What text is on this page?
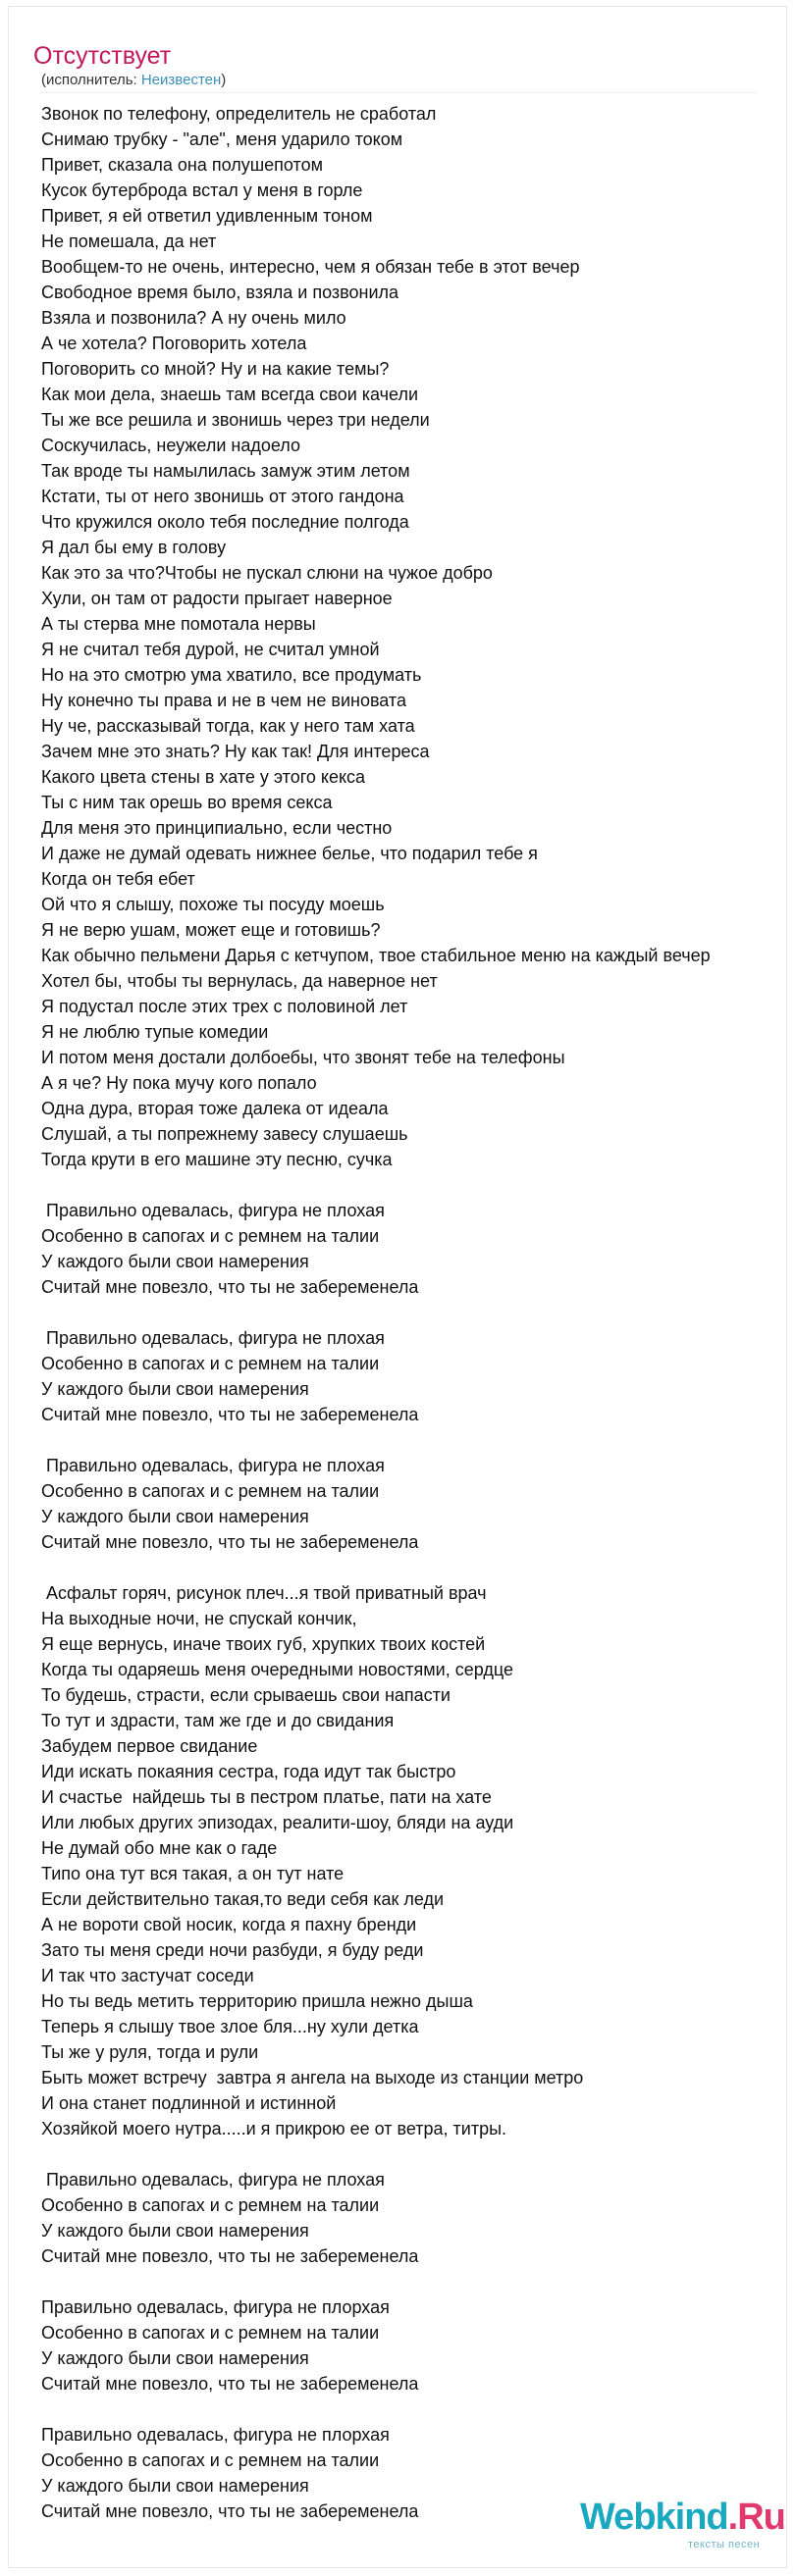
Отсутствует
(исполнитель: Неизвестен)
Звонок по телефону, определитель не сработал
Снимаю трубку - "але", меня ударило током
Привет, сказала она полушепотом
Кусок бутерброда встал у меня в горле
Привет, я ей ответил удивленным тоном
Не помешала, да нет
Вообщем-то не очень, интересно, чем я обязан тебе в этот вечер
Свободное время было, взяла и позвонила
Взяла и позвонила? А ну очень мило
А че хотела? Поговорить хотела
Поговорить со мной? Ну и на какие темы?
Как мои дела, знаешь там всегда свои качели
Ты же все решила и звонишь через три недели
Соскучилась, неужели надоело
Так вроде ты намылилась замуж этим летом
Кстати, ты от него звонишь от этого гандона
Что кружился около тебя последние полгода
Я дал бы ему в голову
Как это за что?Чтобы не пускал слюни на чужое добро
Хули, он там от радости прыгает наверное
А ты стерва мне помотала нервы
Я не считал тебя дурой, не считал умной
Но на это смотрю ума хватило, все продумать
Ну конечно ты права и не в чем не виновата
Ну че, рассказывай тогда, как у него там хата
Зачем мне это знать? Ну как так! Для интереса
Какого цвета стены в хате у этого кекса
Ты с ним так орешь во время секса
Для меня это принципиально, если честно
И даже не думай одевать нижнее белье, что подарил тебе я
Когда он тебя ебет
Ой что я слышу, похоже ты посуду моешь
Я не верю ушам, может еще и готовишь?
Как обычно пельмени Дарья с кетчупом, твое стабильное меню на каждый вечер
Хотел бы, чтобы ты вернулась, да наверное нет
Я подустал после этих трех с половиной лет
Я не люблю тупые комедии
И потом меня достали долбоебы, что звонят тебе на телефоны
А я че? Ну пока мучу кого попало
Одна дура, вторая тоже далека от идеала
Слушай, а ты попрежнему завесу слушаешь
Тогда крути в его машине эту песню, сучка
Правильно одевалась, фигура не плохая
Особенно в сапогах и с ремнем на талии
У каждого были свои намерения
Считай мне повезло, что ты не забеременела
Правильно одевалась, фигура не плохая
Особенно в сапогах и с ремнем на талии
У каждого были свои намерения
Считай мне повезло, что ты не забеременела
Правильно одевалась, фигура не плохая
Особенно в сапогах и с ремнем на талии
У каждого были свои намерения
Считай мне повезло, что ты не забеременела
Асфальт горяч, рисунок плеч...я твой приватный врач
На выходные ночи, не спускай кончик,
Я еще вернусь, иначе твоих губ, хрупких твоих костей
Когда ты одаряешь меня очередными новостями, сердце
То будешь, страсти, если срываешь свои напасти
То тут и здрасти, там же где и до свидания
Забудем первое свидание
Иди искать покаяния сестра, года идут так быстро
И счастье  найдешь ты в пестром платье, пати на хате
Или любых других эпизодах, реалити-шоу, бляди на ауди
Не думай обо мне как о гаде
Типо она тут вся такая, а он тут нате
Если действительно такая,то веди себя как леди
А не вороти свой носик, когда я пахну бренди
Зато ты меня среди ночи разбуди, я буду реди
И так что застучат соседи
Но ты ведь метить территорию пришла нежно дыша
Теперь я слышу твое злое бля...ну хули детка
Ты же у руля, тогда и рули
Быть может встречу  завтра я ангела на выходе из станции метро
И она станет подлинной и истинной
Хозяйкой моего нутра.....и я прикрою ее от ветра, титры.
Правильно одевалась, фигура не плохая
Особенно в сапогах и с ремнем на талии
У каждого были свои намерения
Считай мне повезло, что ты не забеременела
Правильно одевалась, фигура не плорхая
Особенно в сапогах и с ремнем на талии
У каждого были свои намерения
Считай мне повезло, что ты не забеременела
Правильно одевалась, фигура не плорхая
Особенно в сапогах и с ремнем на талии
У каждого были свои намерения
Считай мне повезло, что ты не забеременела	Webkind.Ru
тексты песен
